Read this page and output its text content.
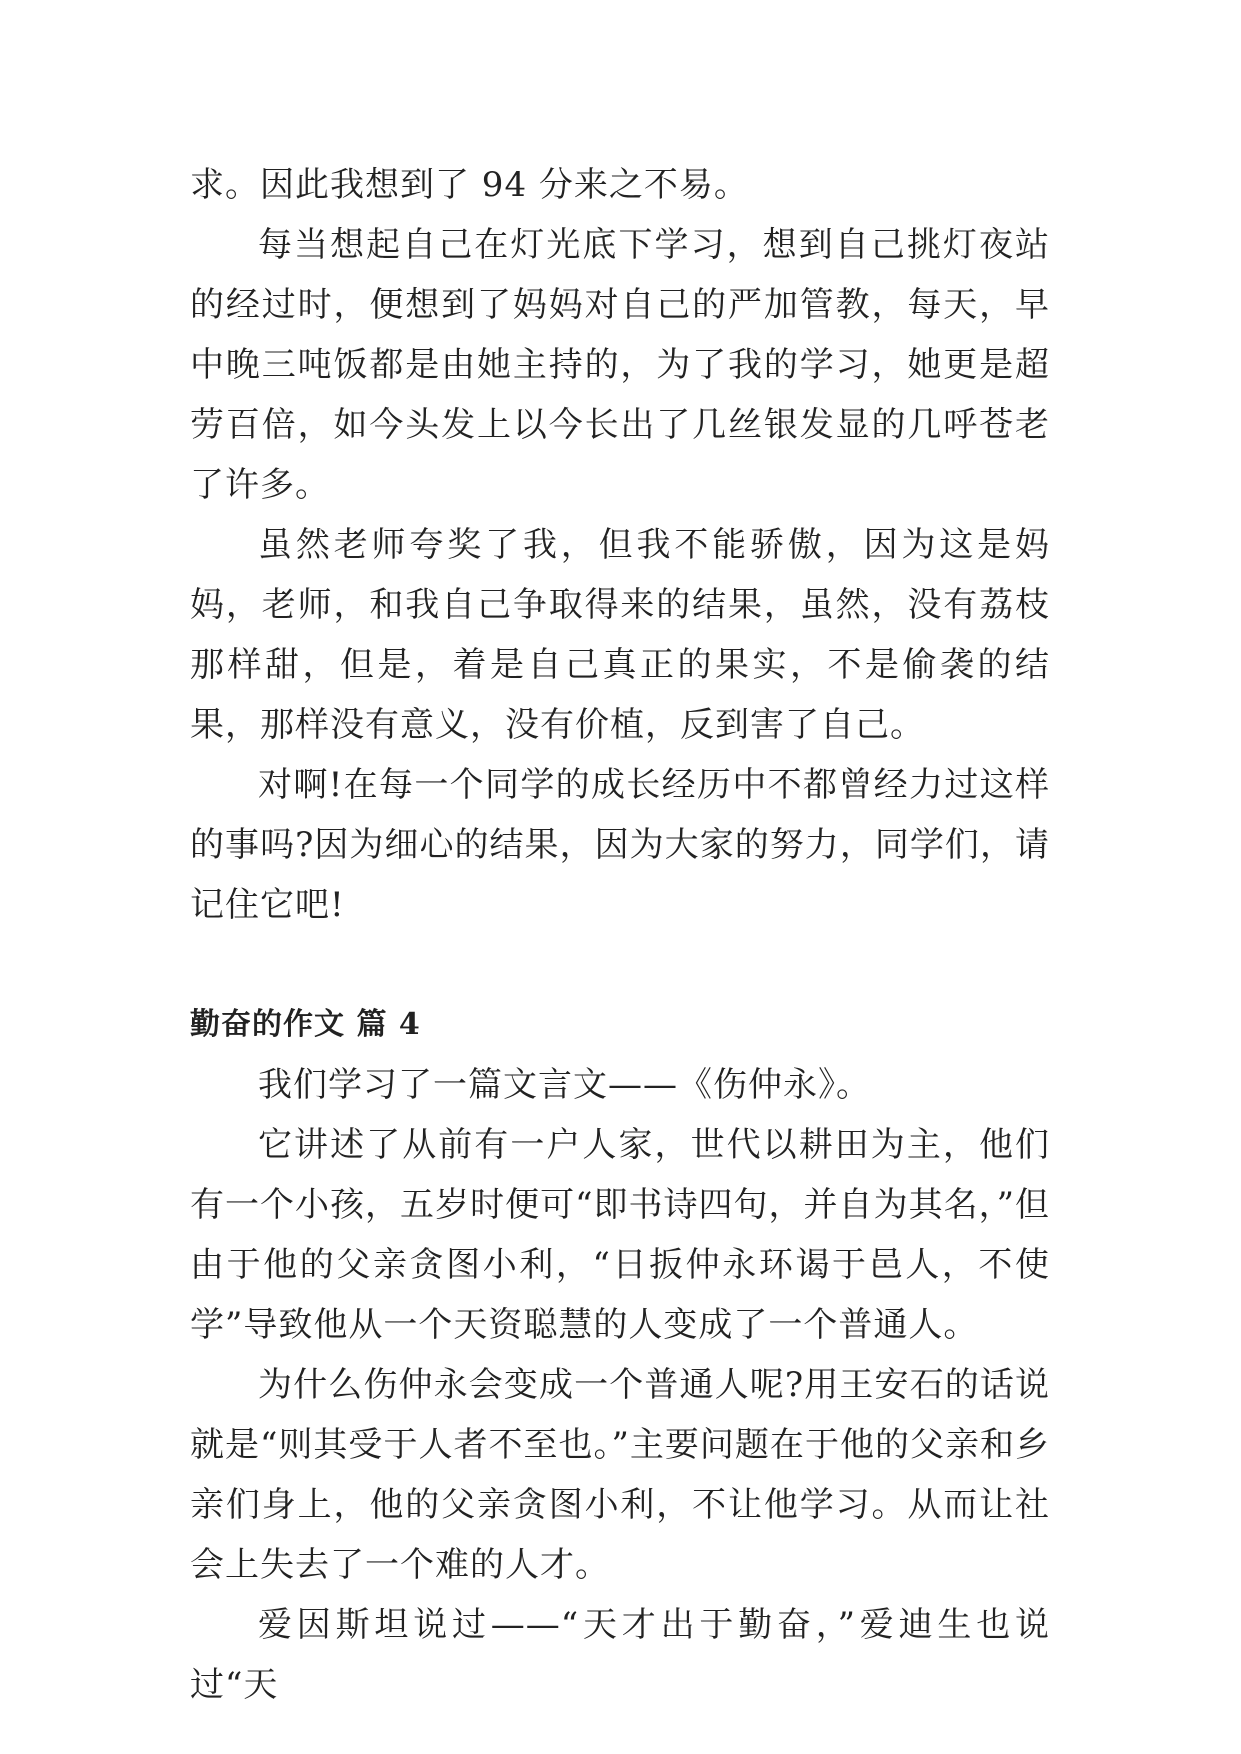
求。因此我想到了 94 分来之不易。

每当想起自己在灯光底下学习，想到自己挑灯夜站的经过时，便想到了妈妈对自己的严加管教，每天，早中晚三吨饭都是由她主持的，为了我的学习，她更是超劳百倍，如今头发上以今长出了几丝银发显的几呼苍老了许多。

虽然老师夸奖了我，但我不能骄傲，因为这是妈妈，老师，和我自己争取得来的结果，虽然，没有荔枝那样甜，但是，着是自己真正的果实，不是偷袭的结果，那样没有意义，没有价植，反到害了自己。

对啊!在每一个同学的成长经历中不都曾经力过这样的事吗?因为细心的结果，因为大家的努力，同学们，请记住它吧!

勤奋的作文 篇 4

我们学习了一篇文言文——《伤仲永》。

它讲述了从前有一户人家，世代以耕田为主，他们有一个小孩，五岁时便可“即书诗四句，并自为其名，”但由于他的父亲贪图小利，“日扳仲永环谒于邑人，不使学”导致他从一个天资聪慧的人变成了一个普通人。

为什么伤仲永会变成一个普通人呢?用王安石的话说就是“则其受于人者不至也。”主要问题在于他的父亲和乡亲们身上，他的父亲贪图小利，不让他学习。从而让社会上失去了一个难的人才。

爱因斯坦说过——“天才出于勤奋，”爱迪生也说过“天
